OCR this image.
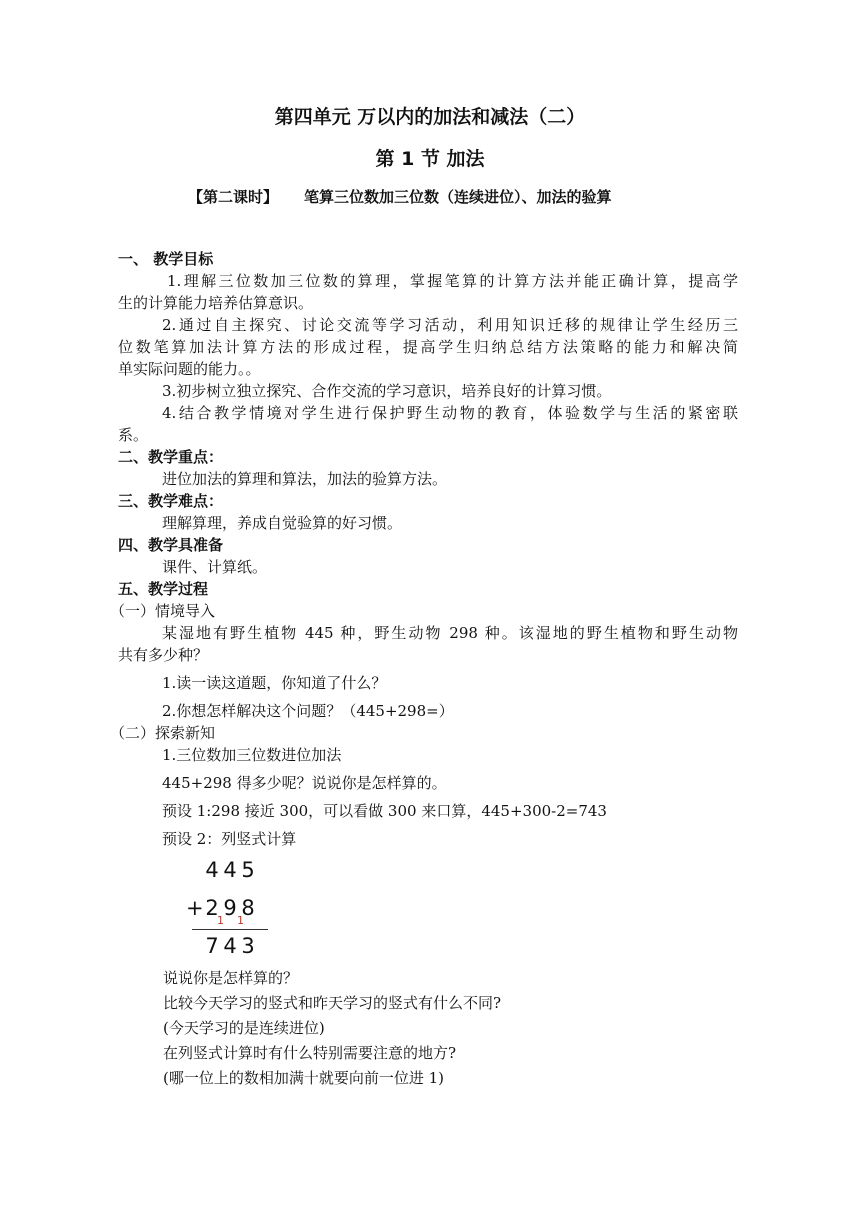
第四单元 万以内的加法和减法（二）
第 1 节 加法
【第二课时】 笔算三位数加三位数（连续进位）、加法的验算
一、 教学目标
1.理解三位数加三位数的算理，掌握笔算的计算方法并能正确计算，提高学
生的计算能力培养估算意识。
2.通过自主探究、讨论交流等学习活动，利用知识迁移的规律让学生经历三
位数笔算加法计算方法的形成过程，提高学生归纳总结方法策略的能力和解决简
单实际问题的能力。。
3.初步树立独立探究、合作交流的学习意识，培养良好的计算习惯。
4.结合教学情境对学生进行保护野生动物的教育，体验数学与生活的紧密联
系。
二、教学重点：
进位加法的算理和算法，加法的验算方法。
三、教学难点：
理解算理，养成自觉验算的好习惯。
四、教学具准备
课件、计算纸。
五、教学过程
（一）情境导入
某湿地有野生植物 445 种，野生动物 298 种。该湿地的野生植物和野生动物
共有多少种？
1.读一读这道题，你知道了什么？
2.你想怎样解决这个问题？（445+298=）
（二）探索新知
1.三位数加三位数进位加法
445+298 得多少呢？说说你是怎样算的。
预设 1:298 接近 300，可以看做 300 来口算，445+300-2=743
预设 2：列竖式计算
4 4 5
+2 9 8
1 1
7 4 3
说说你是怎样算的？
比较今天学习的竖式和昨天学习的竖式有什么不同?
(今天学习的是连续进位)
在列竖式计算时有什么特别需要注意的地方?
(哪一位上的数相加满十就要向前一位进 1)
